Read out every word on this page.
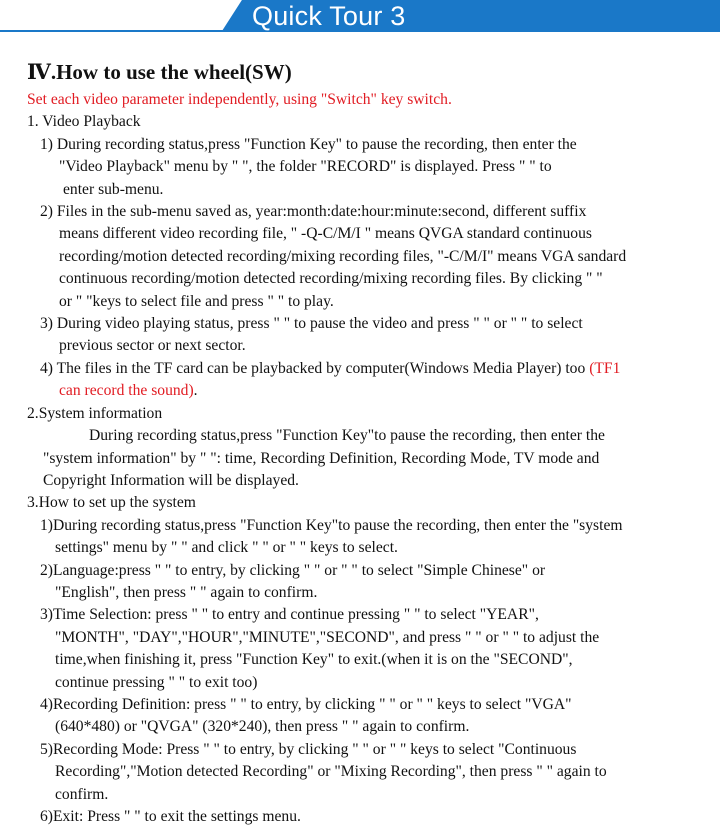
Quick Tour 3
Ⅳ.How to use the wheel(SW)
Set each video parameter independently, using "Switch" key switch.
1. Video Playback
1) During recording status,press "Function Key" to pause the recording, then enter the
"Video Playback" menu by " ", the folder "RECORD" is displayed. Press " " to
enter sub-menu.
2) Files in the sub-menu saved as, year:month:date:hour:minute:second, different suffix
means different video recording file, " -Q-C/M/I " means QVGA standard continuous
recording/motion detected recording/mixing recording files, "-C/M/I" means VGA sandard
continuous recording/motion detected recording/mixing recording files. By clicking " "
or " "keys to select file and press " " to play.
3) During video playing status, press " " to pause the video and press " " or " " to select
previous sector or next sector.
4) The files in the TF card can be playbacked by computer(Windows Media Player) too (TF1
can record the sound).
2.System information
During recording status,press "Function Key"to pause the recording, then enter the
"system information" by " ": time, Recording Definition, Recording Mode, TV mode and
Copyright Information will be displayed.
3.How to set up the system
1)During recording status,press "Function Key"to pause the recording, then enter the "system
settings" menu by " " and click " " or " " keys to select.
2)Language:press " " to entry, by clicking " " or " " to select "Simple Chinese" or
"English", then press " " again to confirm.
3)Time Selection: press " " to entry and continue pressing " " to select "YEAR",
"MONTH", "DAY","HOUR","MINUTE","SECOND", and press " " or " " to adjust the
time,when finishing it, press "Function Key" to exit.(when it is on the "SECOND",
continue pressing " " to exit too)
4)Recording Definition: press " " to entry, by clicking " " or " " keys to select "VGA"
(640*480) or "QVGA" (320*240), then press " " again to confirm.
5)Recording Mode: Press " " to entry, by clicking " " or " " keys to select "Continuous
Recording","Motion detected Recording" or "Mixing Recording", then press " " again to
confirm.
6)Exit: Press " " to exit the settings menu.
